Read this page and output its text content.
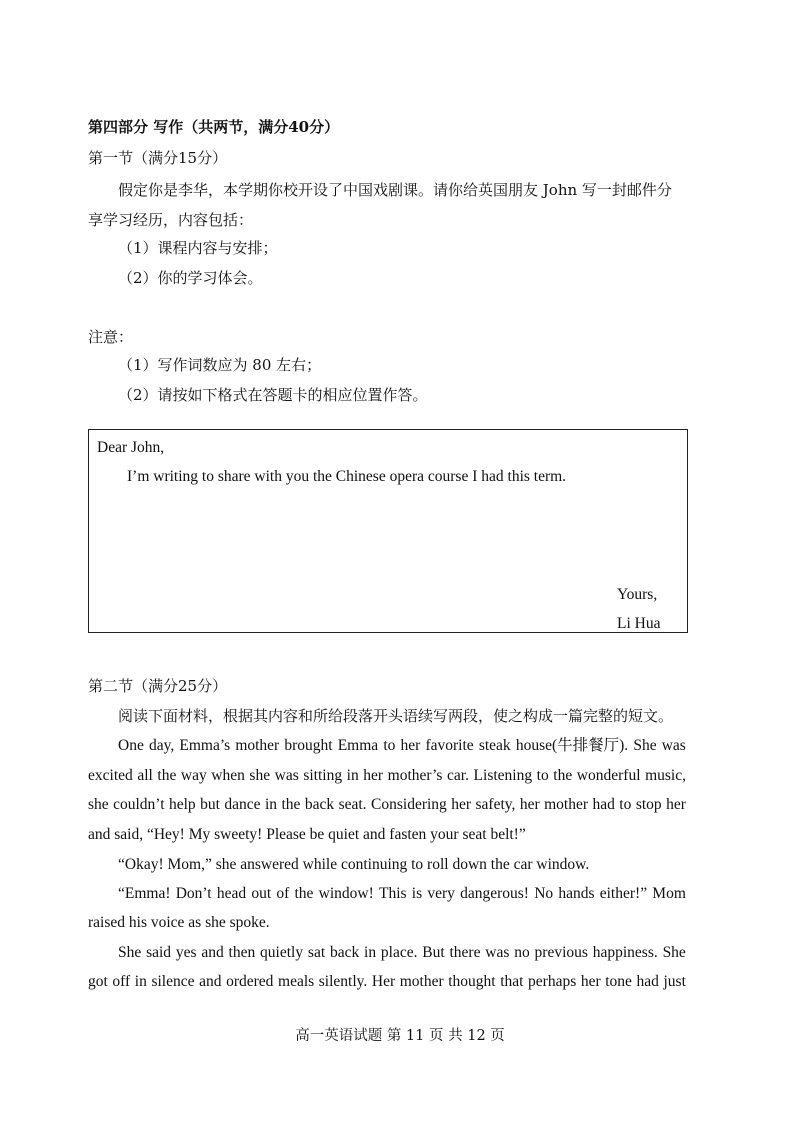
第四部分 写作（共两节，满分40分）
第一节（满分15分）
假定你是李华，本学期你校开设了中国戏剧课。请你给英国朋友 John 写一封邮件分
享学习经历，内容包括：
（1）课程内容与安排；
（2）你的学习体会。
注意：
（1）写作词数应为 80 左右；
（2）请按如下格式在答题卡的相应位置作答。
Dear John,
I’m writing to share with you the Chinese opera course I had this term.
Yours,
Li Hua
第二节（满分25分）
阅读下面材料，根据其内容和所给段落开头语续写两段，使之构成一篇完整的短文。
One day, Emma’s mother brought Emma to her favorite steak house(牛排餐厅). She was
excited all the way when she was sitting in her mother’s car. Listening to the wonderful music,
she couldn’t help but dance in the back seat. Considering her safety, her mother had to stop her
and said, “Hey! My sweety! Please be quiet and fasten your seat belt!”
“Okay! Mom,” she answered while continuing to roll down the car window.
“Emma! Don’t head out of the window! This is very dangerous! No hands either!” Mom
raised his voice as she spoke.
She said yes and then quietly sat back in place. But there was no previous happiness. She
got off in silence and ordered meals silently. Her mother thought that perhaps her tone had just
高一英语试题 第 11 页 共 12 页
